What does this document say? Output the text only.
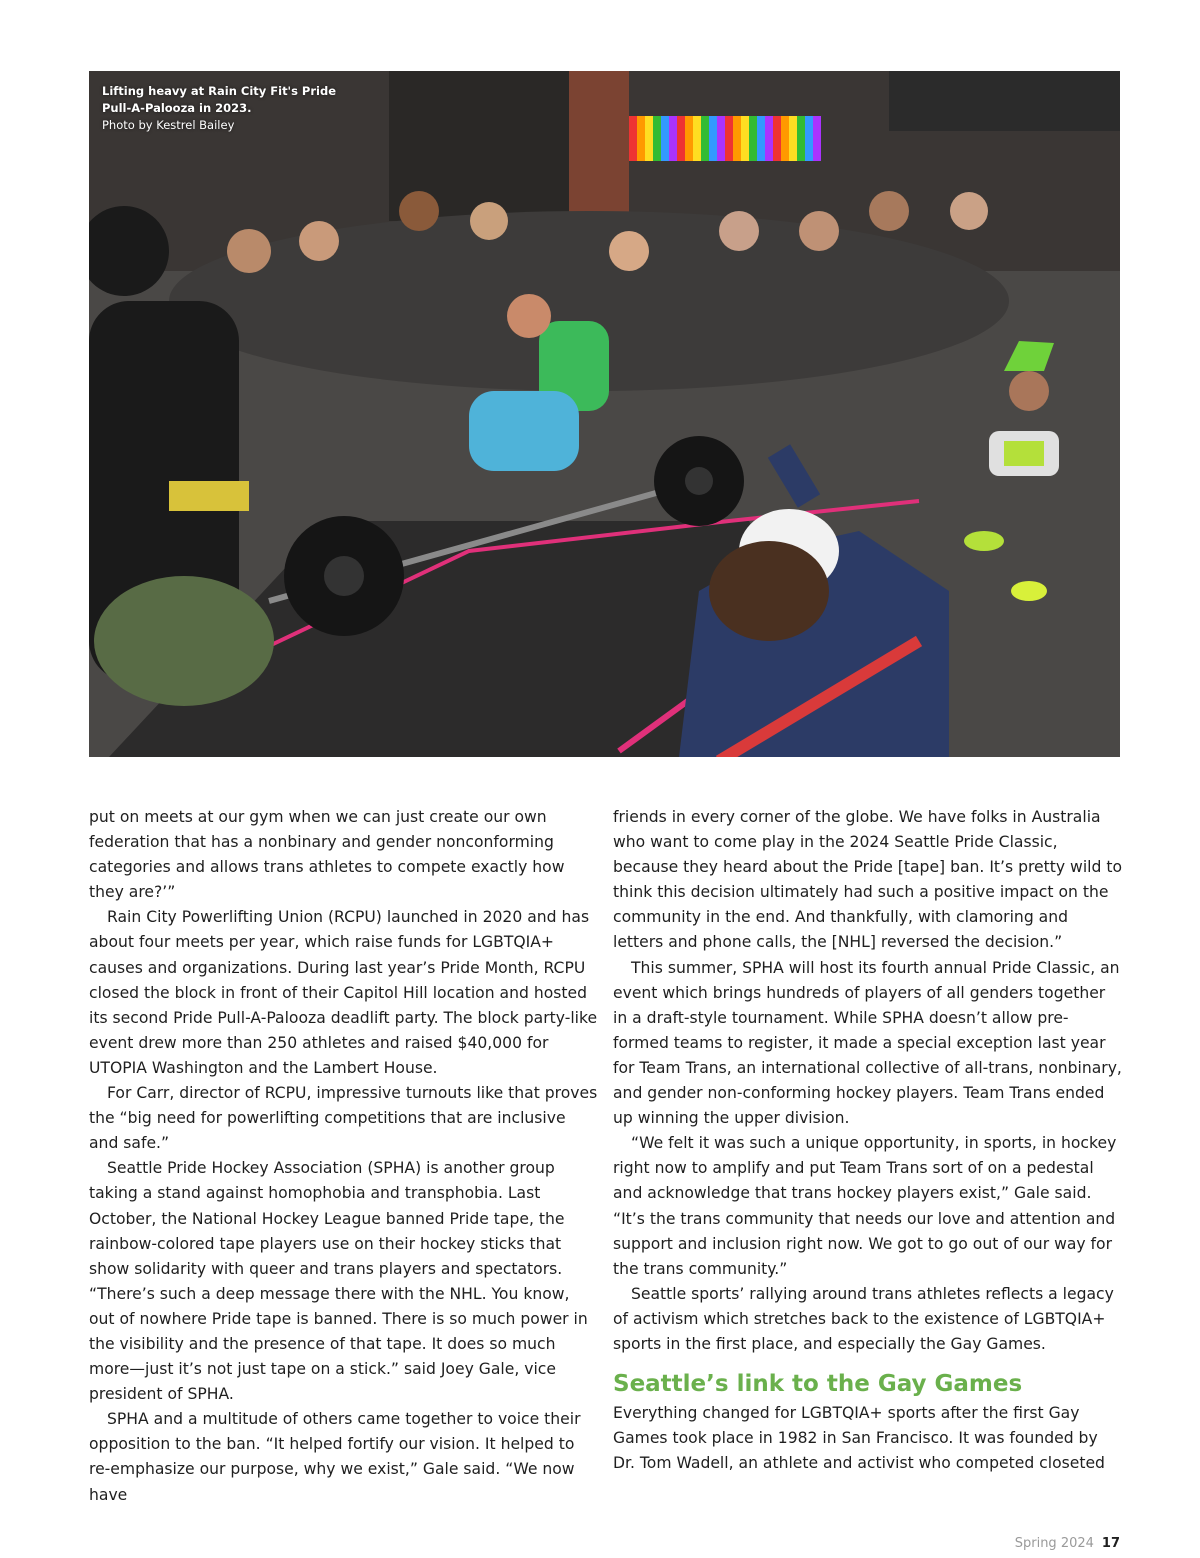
Lifting heavy at Rain City Fit's Pride Pull-A-Palooza in 2023.
Photo by Kestrel Bailey

put on meets at our gym when we can just create our own federation that has a nonbinary and gender nonconforming categories and allows trans athletes to compete exactly how they are?’”

Rain City Powerlifting Union (RCPU) launched in 2020 and has about four meets per year, which raise funds for LGBTQIA+ causes and organizations. During last year’s Pride Month, RCPU closed the block in front of their Capitol Hill location and hosted its second Pride Pull-A-Palooza deadlift party. The block party-like event drew more than 250 athletes and raised $40,000 for UTOPIA Washington and the Lambert House.

For Carr, director of RCPU, impressive turnouts like that proves the “big need for powerlifting competitions that are inclusive and safe.”

Seattle Pride Hockey Association (SPHA) is another group taking a stand against homophobia and transphobia. Last October, the National Hockey League banned Pride tape, the rainbow-colored tape players use on their hockey sticks that show solidarity with queer and trans players and spectators. “There’s such a deep message there with the NHL. You know, out of nowhere Pride tape is banned. There is so much power in the visibility and the presence of that tape. It does so much more—just it’s not just tape on a stick.” said Joey Gale, vice president of SPHA.

SPHA and a multitude of others came together to voice their opposition to the ban. “It helped fortify our vision. It helped to re-emphasize our purpose, why we exist,” Gale said. “We now have

friends in every corner of the globe. We have folks in Australia who want to come play in the 2024 Seattle Pride Classic, because they heard about the Pride [tape] ban. It’s pretty wild to think this decision ultimately had such a positive impact on the community in the end. And thankfully, with clamoring and letters and phone calls, the [NHL] reversed the decision.”

This summer, SPHA will host its fourth annual Pride Classic, an event which brings hundreds of players of all genders together in a draft-style tournament. While SPHA doesn’t allow pre-formed teams to register, it made a special exception last year for Team Trans, an international collective of all-trans, nonbinary, and gender non-conforming hockey players. Team Trans ended up winning the upper division.

“We felt it was such a unique opportunity, in sports, in hockey right now to amplify and put Team Trans sort of on a pedestal and acknowledge that trans hockey players exist,” Gale said. “It’s the trans community that needs our love and attention and support and inclusion right now. We got to go out of our way for the trans community.”

Seattle sports’ rallying around trans athletes reflects a legacy of activism which stretches back to the existence of LGBTQIA+ sports in the first place, and especially the Gay Games.

Seattle’s link to the Gay Games

Everything changed for LGBTQIA+ sports after the first Gay Games took place in 1982 in San Francisco. It was founded by Dr. Tom Wadell, an athlete and activist who competed closeted

Spring 2024 17
